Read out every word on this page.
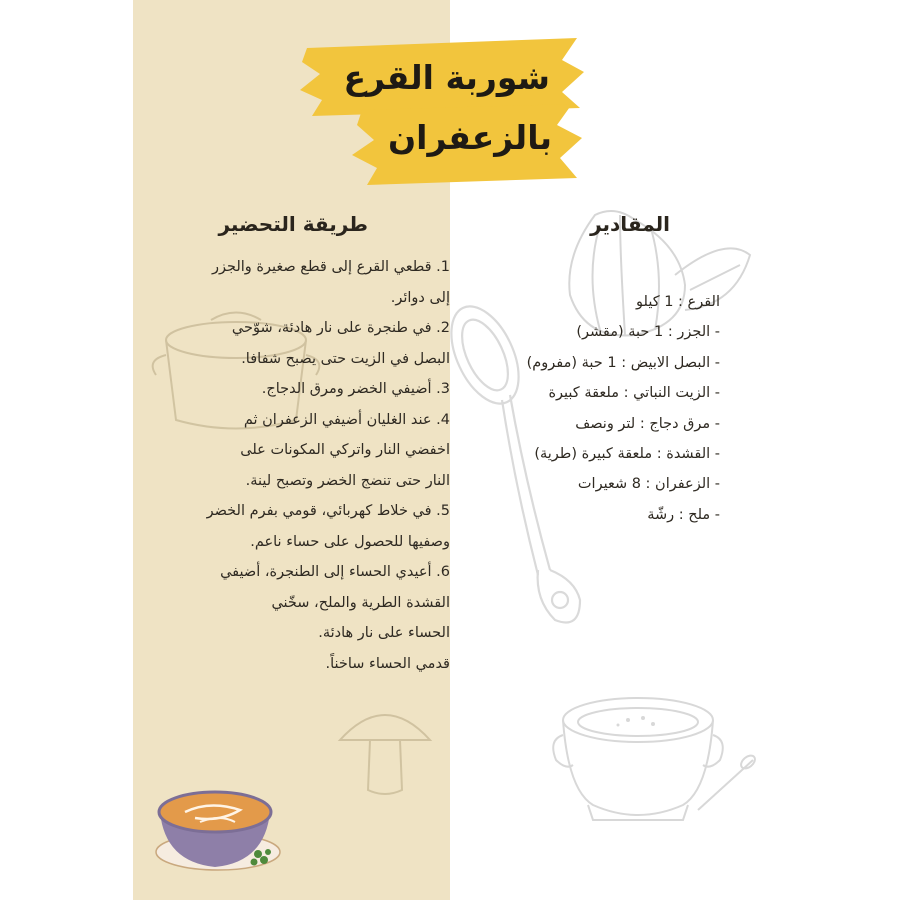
شوربة القرع
بالزعفران
طريقة التحضير	المقادير
1. قطعي القرع إلى قطع صغيرة والجزر
إلى دوائر.
2. في طنجرة على نار هادئة، شوّحي
البصل في الزيت حتى يصبح شفافا.
3. أضيفي الخضر ومرق الدجاج.
4. عند الغليان أضيفي الزعفران ثم
اخفضي النار واتركي المكونات على
النار حتى تنضج الخضر وتصبح لينة.
5. في خلاط كهربائي، قومي بفرم الخضر
وصفيها للحصول على حساء ناعم.
6. أعيدي الحساء إلى الطنجرة، أضيفي
القشدة الطرية والملح، سخّني
الحساء على نار هادئة.
قدمي الحساء ساخناً.
القرع : 1 كيلو
- الجزر : 1 حبة (مقشر)
- البصل الابيض : 1 حبة (مفروم)
- الزيت النباتي : ملعقة كبيرة
- مرق دجاج : لتر ونصف
- القشدة : ملعقة كبيرة (طرية)
- الزعفران : 8 شعيرات
- ملح : رشّة
